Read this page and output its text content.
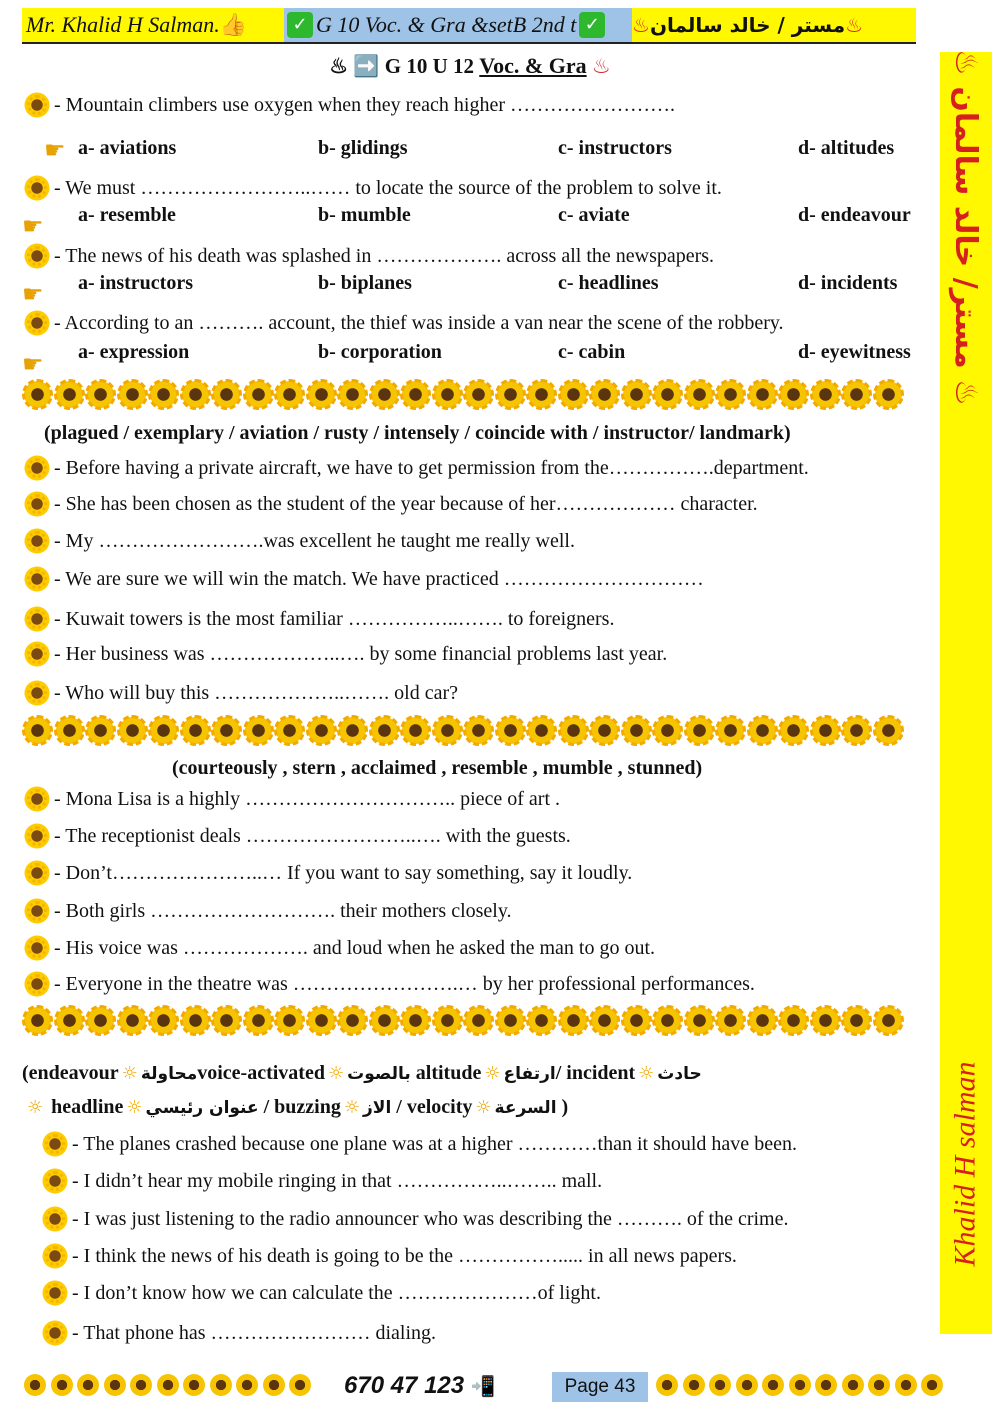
Mr. Khalid H Salman. 👍	✓ G 10 Voc. & Gra &setB 2nd t ✓	♨
مستر / خالد سالمان
♨
♨ مستر/ خالد سالمان ♨
Khalid H salman
♨ ➡️ G 10 U 12 Voc. & Gra ♨
- Mountain climbers use oxygen when they reach higher …………………….
☛ a- aviations	b- glidings	c- instructors	d- altitudes
- We must ……………………..…… to locate the source of the problem to solve it.
☛ a- resemble	b- mumble	c- aviate	d- endeavour
- The news of his death was splashed in ………………. across all the newspapers.
☛ a- instructors	b- biplanes	c- headlines	d- incidents
- According to an ………. account, the thief was inside a van near the scene of the robbery.
☛ a- expression	b- corporation	c- cabin	d- eyewitness
(plagued / exemplary / aviation / rusty / intensely / coincide with / instructor/ landmark)
- Before having a private aircraft, we have to get permission from the…………….department.
- She has been chosen as the student of the year because of her……………… character.
- My …………………….was excellent he taught me really well.
- We are sure we will win the match. We have practiced …………………………
- Kuwait towers is the most familiar ……………..……. to foreigners.
- Her business was ………………..…. by some financial problems last year.
- Who will buy this ………………..……. old car?
(courteously , stern , acclaimed , resemble , mumble , stunned)
- Mona Lisa is a highly ………………………….. piece of art .
- The receptionist deals ……………………..…. with the guests.
- Don’t…………………..… If you want to say something, say it loudly.
- Both girls ………………………. their mothers closely.
- His voice was ………………. and loud when he asked the man to go out.
- Everyone in the theatre was …………………….… by her professional performances.
(endeavour ☼ محاولةvoice-activated ☼ بالصوت altitude ☼ ارتفاع/ incident ☼ حادث
☼ headline ☼ عنوان رئيسي / buzzing ☼ الاز / velocity ☼ السرعة )
- The planes crashed because one plane was at a higher …………than it should have been.
- I didn’t hear my mobile ringing in that ……………..…….. mall.
- I was just listening to the radio announcer who was describing the ………. of the crime.
- I think the news of his death is going to be the ……………..... in all news papers.
- I don’t know how we can calculate the …………………of light.
- That phone has …………………… dialing.
670 47 123 📲	Page 43
